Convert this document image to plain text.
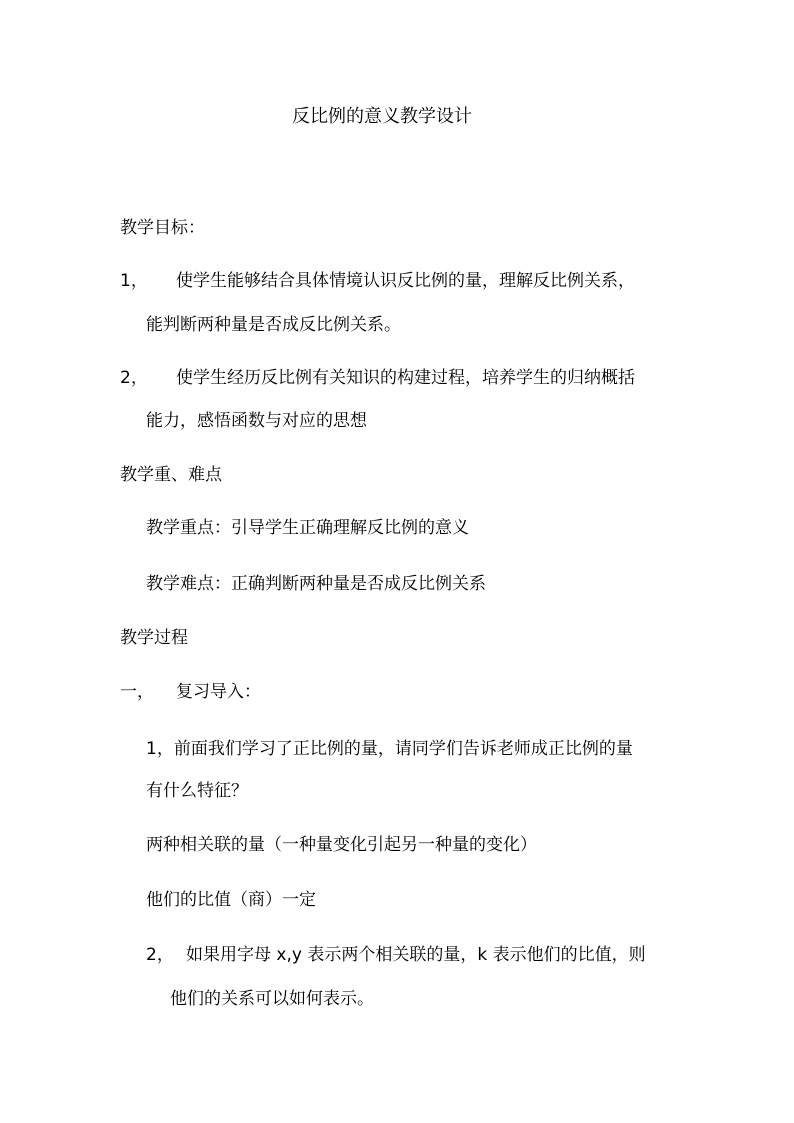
反比例的意义教学设计
教学目标：
1， 使学生能够结合具体情境认识反比例的量，理解反比例关系，
能判断两种量是否成反比例关系。
2， 使学生经历反比例有关知识的构建过程，培养学生的归纳概括
能力，感悟函数与对应的思想
教学重、难点
教学重点：引导学生正确理解反比例的意义
教学难点：正确判断两种量是否成反比例关系
教学过程
一， 复习导入：
1，前面我们学习了正比例的量，请同学们告诉老师成正比例的量
有什么特征？
两种相关联的量（一种量变化引起另一种量的变化）
他们的比值（商）一定
2， 如果用字母 x,y 表示两个相关联的量，k 表示他们的比值，则
他们的关系可以如何表示。
